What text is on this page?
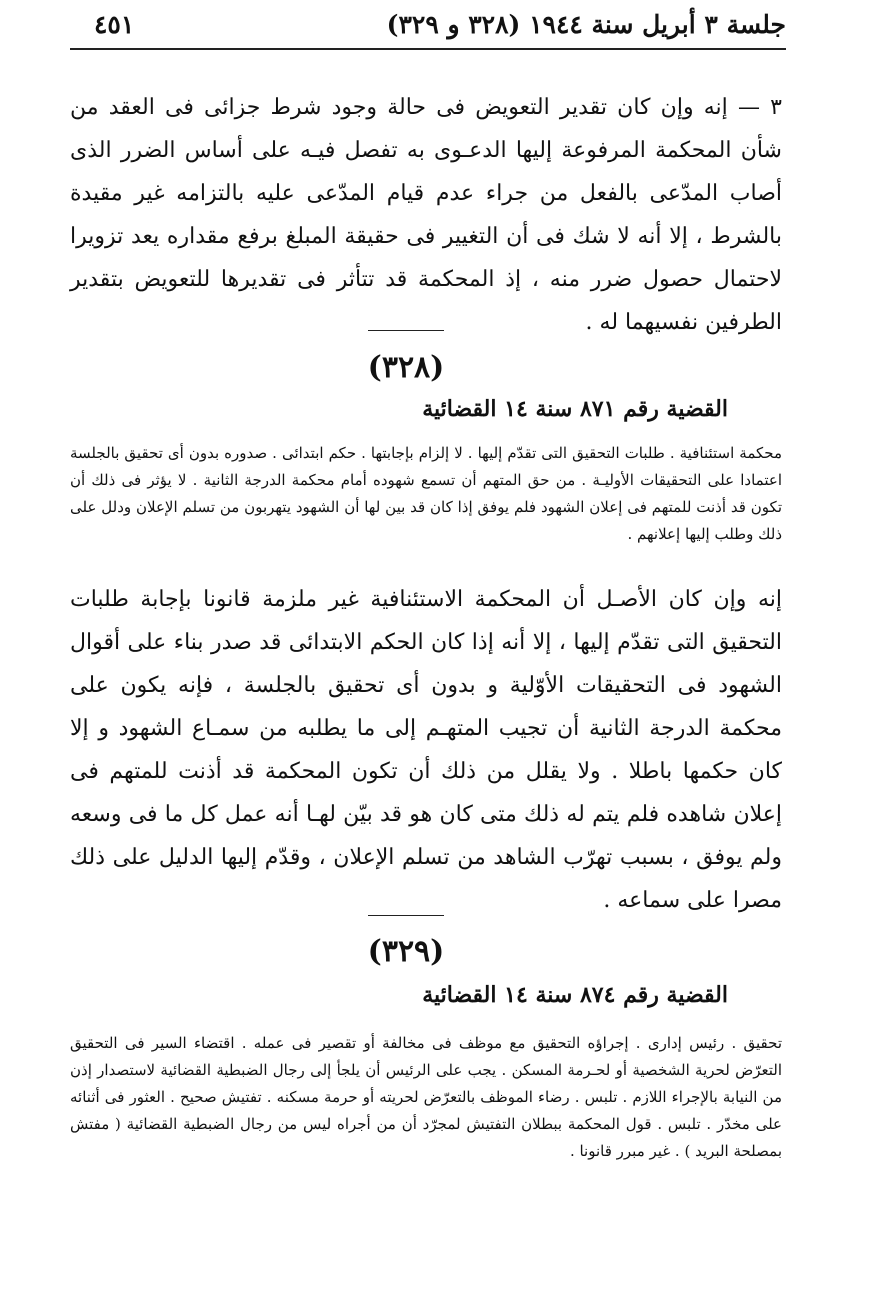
جلسة ٣ أبريل سنة ١٩٤٤ (٣٢٨ و ٣٢٩)
٤٥١

٣ — إنه وإن كان تقدير التعويض فى حالة وجود شرط جزائى فى العقد من شأن المحكمة المرفوعة إليها الدعـوى به تفصل فيـه على أساس الضرر الذى أصاب المدّعى بالفعل من جراء عدم قيام المدّعى عليه بالتزامه غير مقيدة بالشرط ، إلا أنه لا شك فى أن التغيير فى حقيقة المبلغ برفع مقداره يعد تزويرا لاحتمال حصول ضرر منه ، إذ المحكمة قد تتأثر فى تقديرها للتعويض بتقدير الطرفين نفسيهما له .

(٣٢٨)
القضية رقم ٨٧١ سنة ١٤ القضائية

محكمة استئنافية . طلبات التحقيق التى تقدّم إليها . لا إلزام بإجابتها . حكم ابتدائى . صدوره بدون أى تحقيق بالجلسة اعتمادا على التحقيقات الأوليـة . من حق المتهم أن تسمع شهوده أمام محكمة الدرجة الثانية . لا يؤثر فى ذلك أن تكون قد أذنت للمتهم فى إعلان الشهود فلم يوفق إذا كان قد بين لها أن الشهود يتهربون من تسلم الإعلان ودلل على ذلك وطلب إليها إعلانهم .

إنه وإن كان الأصـل أن المحكمة الاستئنافية غير ملزمة قانونا بإجابة طلبات التحقيق التى تقدّم إليها ، إلا أنه إذا كان الحكم الابتدائى قد صدر بناء على أقوال الشهود فى التحقيقات الأوّلية و بدون أى تحقيق بالجلسة ، فإنه يكون على محكمة الدرجة الثانية أن تجيب المتهـم إلى ما يطلبه من سمـاع الشهود و إلا كان حكمها باطلا . ولا يقلل من ذلك أن تكون المحكمة قد أذنت للمتهم فى إعلان شاهده فلم يتم له ذلك متى كان هو قد بيّن لهـا أنه عمل كل ما فى وسعه ولم يوفق ، بسبب تهرّب الشاهد من تسلم الإعلان ، وقدّم إليها الدليل على ذلك مصرا على سماعه .

(٣٢٩)
القضية رقم ٨٧٤ سنة ١٤ القضائية

تحقيق . رئيس إدارى . إجراؤه التحقيق مع موظف فى مخالفة أو تقصير فى عمله . اقتضاء السير فى التحقيق التعرّض لحرية الشخصية أو لحـرمة المسكن . يجب على الرئيس أن يلجأ إلى رجال الضبطية القضائية لاستصدار إذن من النيابة بالإجراء اللازم . تلبس . رضاء الموظف بالتعرّض لحريته أو حرمة مسكنه . تفتيش صحيح . العثور فى أثنائه على مخدّر . تلبس . قول المحكمة ببطلان التفتيش لمجرّد أن من أجراه ليس من رجال الضبطية القضائية ( مفتش بمصلحة البريد ) . غير مبرر قانونا .
